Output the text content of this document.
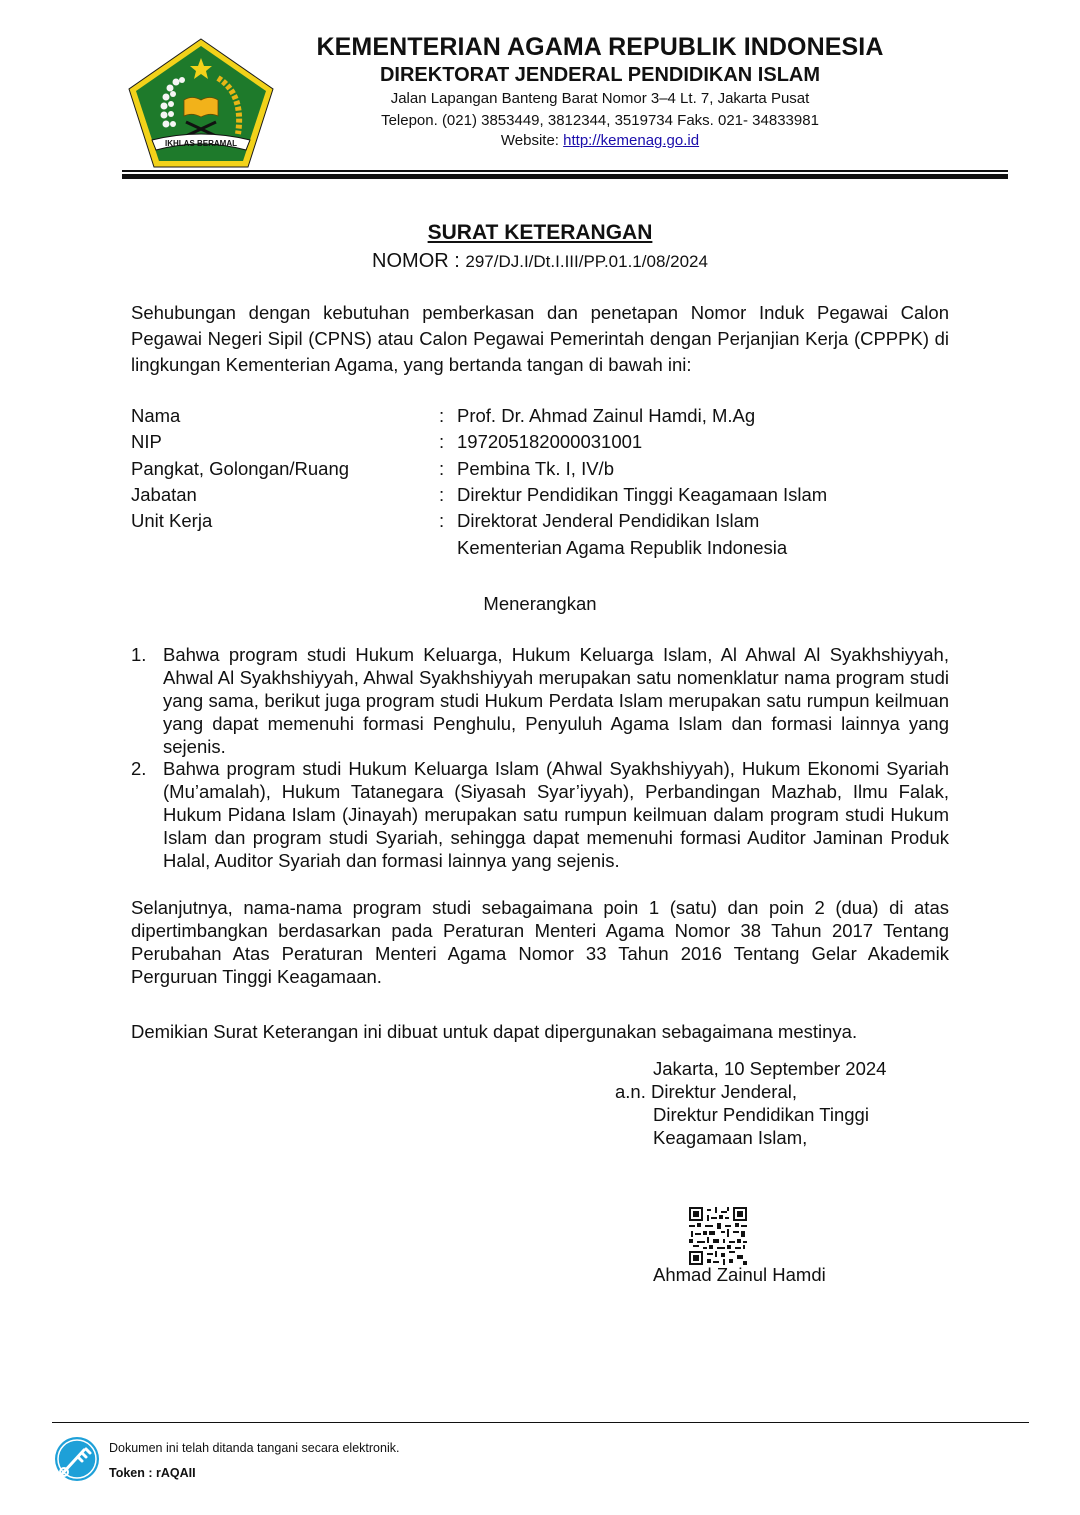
IKHLAS BERAMAL
KEMENTERIAN AGAMA REPUBLIK INDONESIA
DIREKTORAT JENDERAL PENDIDIKAN ISLAM
Jalan Lapangan Banteng Barat Nomor 3–4 Lt. 7, Jakarta Pusat
Telepon. (021) 3853449, 3812344, 3519734 Faks. 021- 34833981
Website: http://kemenag.go.id
SURAT KETERANGAN
NOMOR : 297/DJ.I/Dt.I.III/PP.01.1/08/2024
Sehubungan dengan kebutuhan pemberkasan dan penetapan Nomor Induk Pegawai Calon Pegawai Negeri Sipil (CPNS) atau Calon Pegawai Pemerintah dengan Perjanjian Kerja (CPPPK) di lingkungan Kementerian Agama, yang bertanda tangan di bawah ini:
Nama	: Prof. Dr. Ahmad Zainul Hamdi, M.Ag
NIP	: 197205182000031001
Pangkat, Golongan/Ruang	: Pembina Tk. I, IV/b
Jabatan	: Direktur Pendidikan Tinggi Keagamaan Islam
Unit Kerja	: Direktorat Jenderal Pendidikan Islam
Kementerian Agama Republik Indonesia
Menerangkan
1. Bahwa program studi Hukum Keluarga, Hukum Keluarga Islam, Al Ahwal Al Syakhshiyyah, Ahwal Al Syakhshiyyah, Ahwal Syakhshiyyah merupakan satu nomenklatur nama program studi yang sama, berikut juga program studi Hukum Perdata Islam merupakan satu rumpun keilmuan yang dapat memenuhi formasi Penghulu, Penyuluh Agama Islam dan formasi lainnya yang sejenis.
2. Bahwa program studi Hukum Keluarga Islam (Ahwal Syakhshiyyah), Hukum Ekonomi Syariah (Mu’amalah), Hukum Tatanegara (Siyasah Syar’iyyah), Perbandingan Mazhab, Ilmu Falak, Hukum Pidana Islam (Jinayah) merupakan satu rumpun keilmuan dalam program studi Hukum Islam dan program studi Syariah, sehingga dapat memenuhi formasi Auditor Jaminan Produk Halal, Auditor Syariah dan formasi lainnya yang sejenis.
Selanjutnya, nama-nama program studi sebagaimana poin 1 (satu) dan poin 2 (dua) di atas dipertimbangkan berdasarkan pada Peraturan Menteri Agama Nomor 38 Tahun 2017 Tentang Perubahan Atas Peraturan Menteri Agama Nomor 33 Tahun 2016 Tentang Gelar Akademik Perguruan Tinggi Keagamaan.
Demikian Surat Keterangan ini dibuat untuk dapat dipergunakan sebagaimana mestinya.
Jakarta, 10 September 2024
a.n. Direktur Jenderal,
Direktur Pendidikan Tinggi
Keagamaan Islam,
Ahmad Zainul Hamdi
Dokumen ini telah ditanda tangani secara elektronik.
Token : rAQAII
